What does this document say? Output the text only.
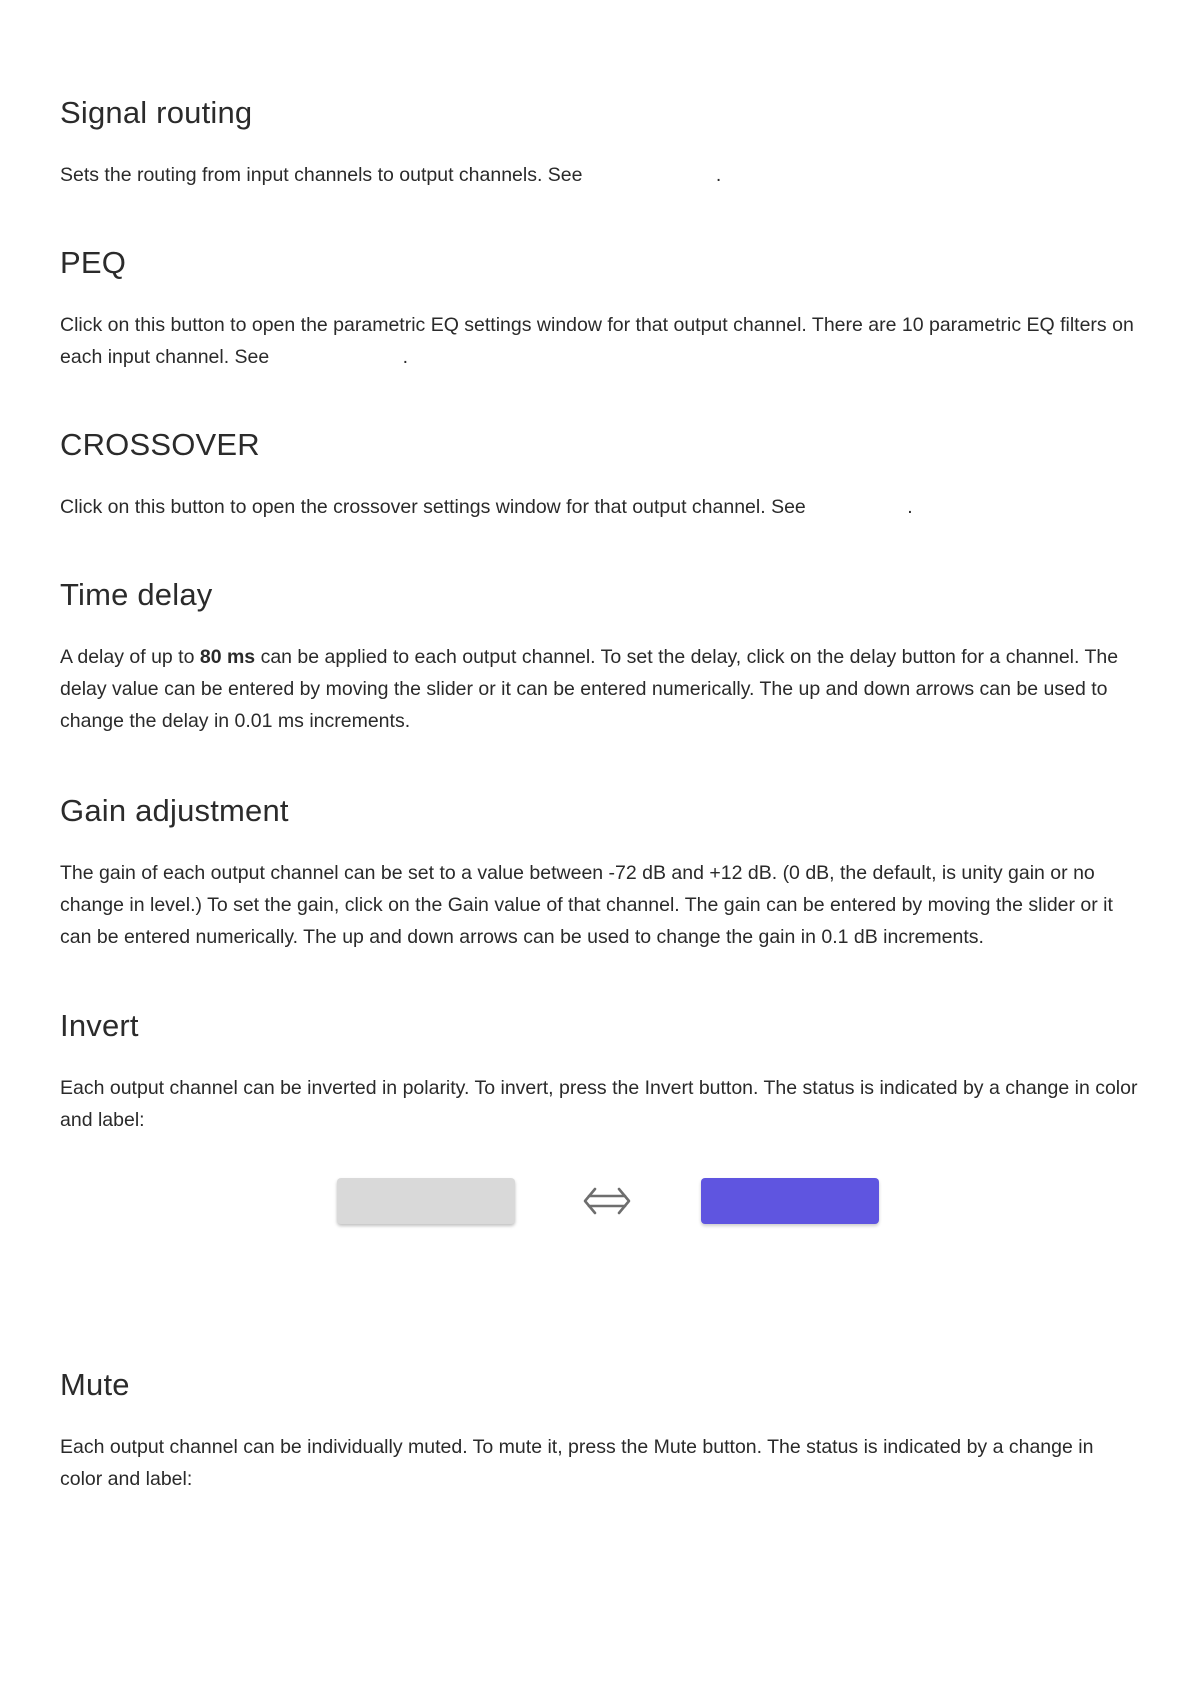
Signal routing

Sets the routing from input channels to output channels. See	.

PEQ

Click on this button to open the parametric EQ settings window for that output channel. There are 10 parametric EQ filters on each input channel. See	.

CROSSOVER

Click on this button to open the crossover settings window for that output channel. See	.

Time delay

A delay of up to 80 ms can be applied to each output channel. To set the delay, click on the delay button for a channel. The delay value can be entered by moving the slider or it can be entered numerically. The up and down arrows can be used to change the delay in 0.01 ms increments.

Gain adjustment

The gain of each output channel can be set to a value between -72 dB and +12 dB. (0 dB, the default, is unity gain or no change in level.) To set the gain, click on the Gain value of that channel. The gain can be entered by moving the slider or it can be entered numerically. The up and down arrows can be used to change the gain in 0.1 dB increments.

Invert

Each output channel can be inverted in polarity. To invert, press the Invert button. The status is indicated by a change in color and label:

Mute

Each output channel can be individually muted. To mute it, press the Mute button. The status is indicated by a change in color and label:
